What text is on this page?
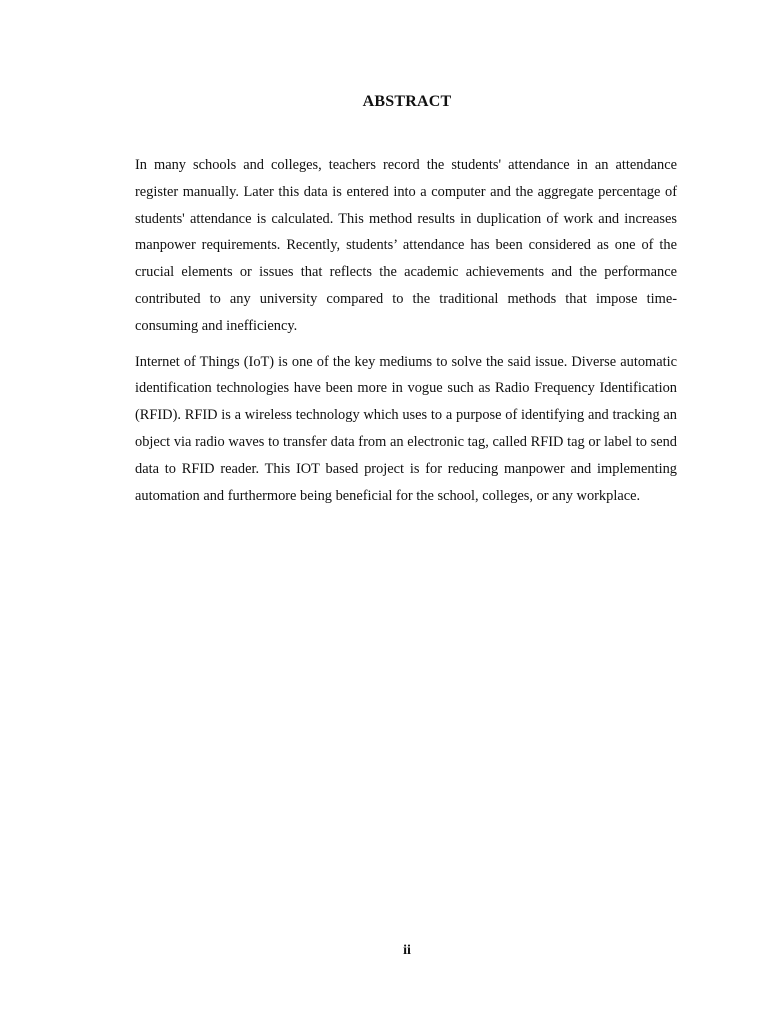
ABSTRACT

In many schools and colleges, teachers record the students' attendance in an attendance register manually. Later this data is entered into a computer and the aggregate percentage of students' attendance is calculated. This method results in duplication of work and increases manpower requirements. Recently, students’ attendance has been considered as one of the crucial elements or issues that reflects the academic achievements and the performance contributed to any university compared to the traditional methods that impose time-consuming and inefficiency.

Internet of Things (IoT) is one of the key mediums to solve the said issue. Diverse automatic identification technologies have been more in vogue such as Radio Frequency Identification (RFID). RFID is a wireless technology which uses to a purpose of identifying and tracking an object via radio waves to transfer data from an electronic tag, called RFID tag or label to send data to RFID reader. This IOT based project is for reducing manpower and implementing automation and furthermore being beneficial for the school, colleges, or any workplace.

ii
